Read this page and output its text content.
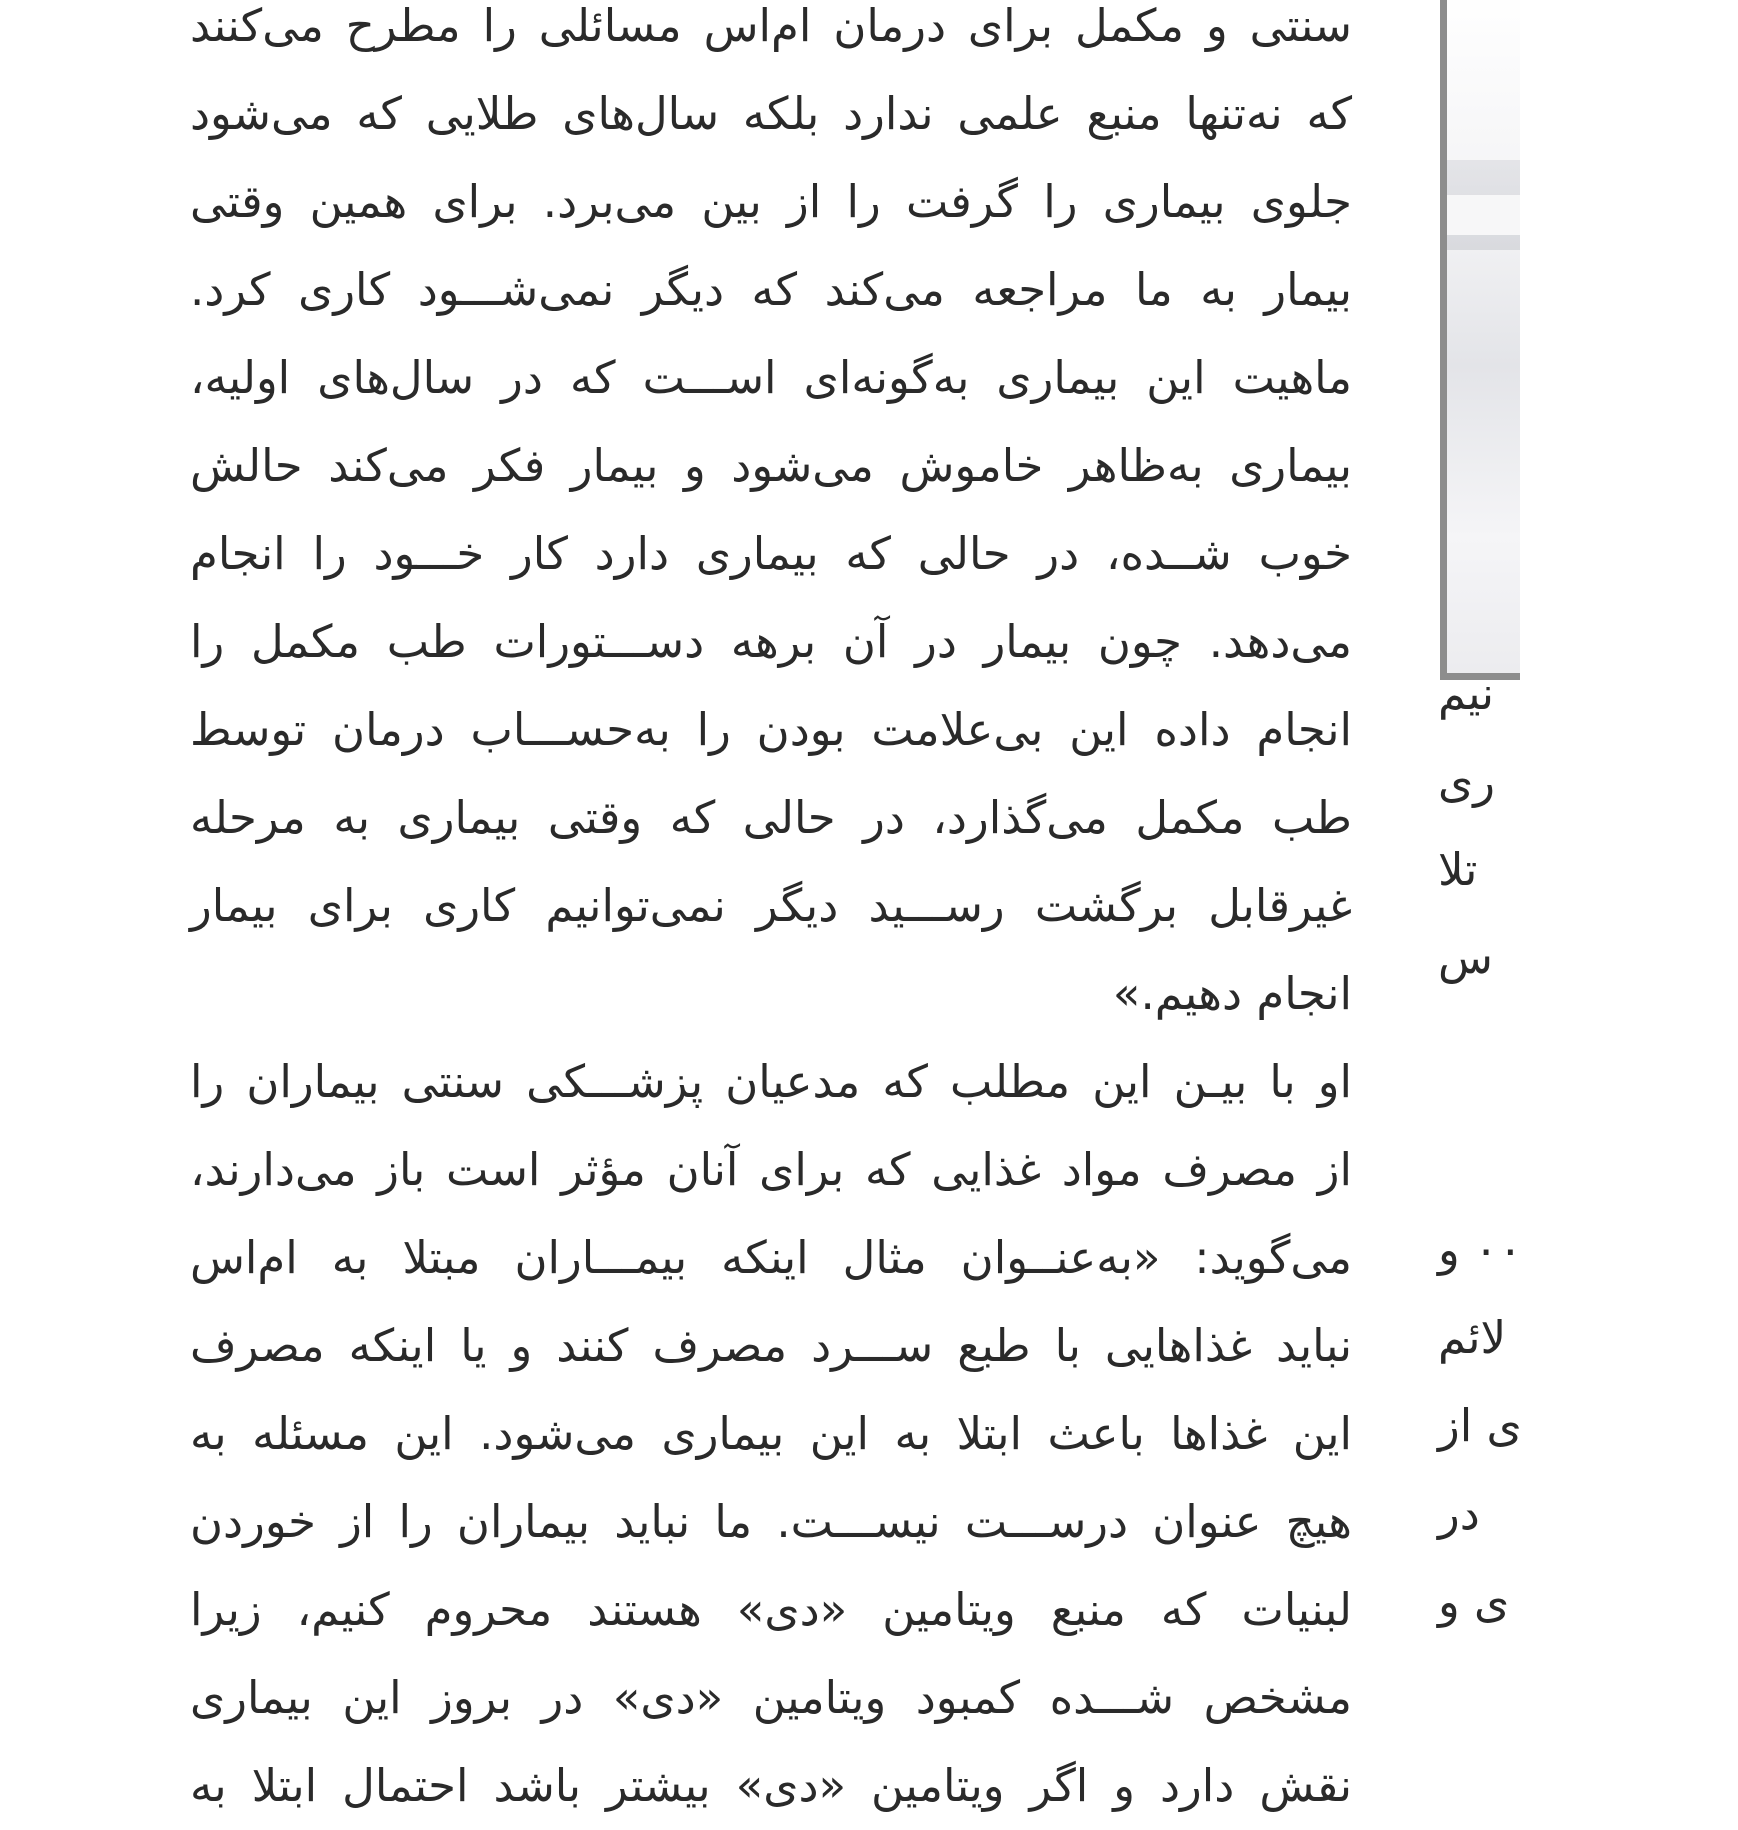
سنتی و مکمل برای درمان ام‌اس مسائلی را مطرح می‌کنند
که نه‌تنها منبع علمی ندارد بلکه سال‌های طلایی که می‌شود
جلوی بیماری را گرفت را از بین می‌برد. برای همین وقتی
بیمار به ما مراجعه می‌کند که دیگر نمی‌شـــود کاری کرد.
ماهیت این بیماری به‌گونه‌ای اســـت که در سال‌های اولیه،
بیماری به‌ظاهر خاموش می‌شود و بیمار فکر می‌کند حالش
خوب شــده، در حالی که بیماری دارد کار خـــود را انجام
می‌دهد. چون بیمار در آن برهه دســـتورات طب مکمل را
انجام داده این بی‌علامت بودن را به‌حســـاب درمان توسط
طب مکمل می‌گذارد، در حالی که وقتی بیماری به مرحله
غیرقابل برگشت رســـید دیگر نمی‌توانیم کاری برای بیمار
انجام دهیم.»
او با بیـن این مطلب که مدعیان پزشـــکی سنتی بیماران را
از مصرف مواد غذایی که برای آنان مؤثر است باز می‌دارند،
می‌گوید: «به‌عنــوان مثال اینکه بیمـــاران مبتلا به ام‌اس
نباید غذاهایی با طبع ســـرد مصرف کنند و یا اینکه مصرف
این غذاها باعث ابتلا به این بیماری می‌شود. این مسئله به
هیچ عنوان درســـت نیســـت. ما نباید بیماران را از خوردن
لبنیات که منبع ویتامین «دی» هستند محروم کنیم، زیرا
مشخص شـــده کمبود ویتامین «دی» در بروز این بیماری
نقش دارد و اگر ویتامین «دی» بیشتر باشد احتمال ابتلا به
نیم
ری
تلا
س
۰۰ و
لائم
ی از
در
ی و
